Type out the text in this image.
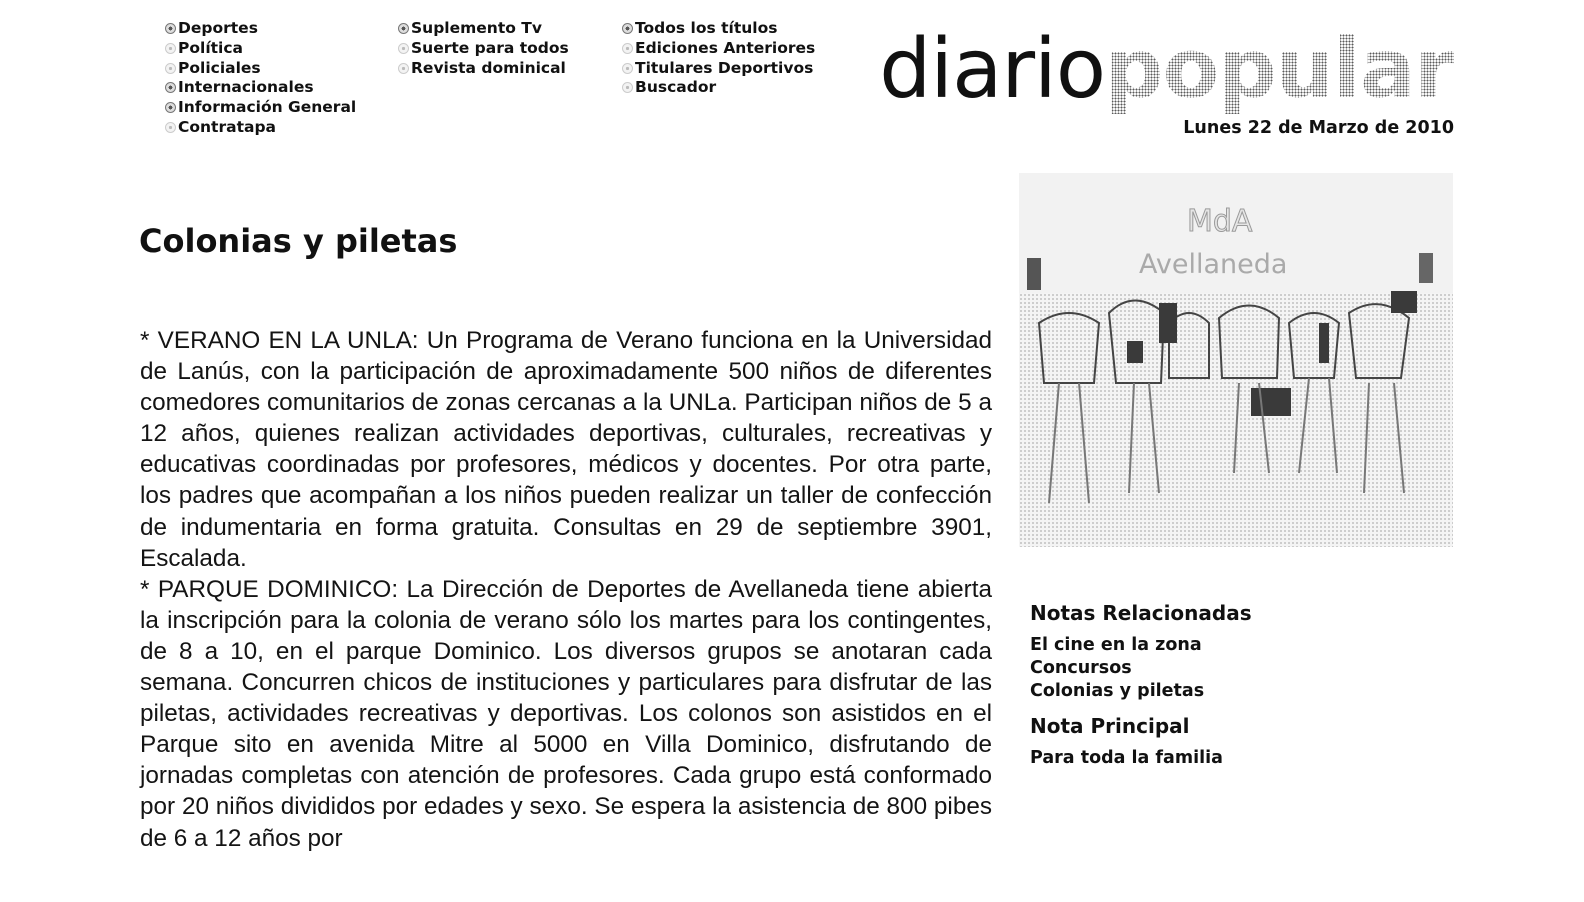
Deportes
Política
Policiales
Internacionales
Información General
Contratapa
Suplemento Tv
Suerte para todos
Revista dominical
Todos los títulos
Ediciones Anteriores
Titulares Deportivos
Buscador	diariopopular
Lunes 22 de Marzo de 2010
Colonias y piletas

* VERANO EN LA UNLA: Un Programa de Verano funciona en la Universidad de Lanús, con la participación de aproximadamente 500 niños de diferentes comedores comunitarios de zonas cercanas a la UNLa. Participan niños de 5 a 12 años, quienes realizan actividades deportivas, culturales, recreativas y educativas coordinadas por profesores, médicos y docentes. Por otra parte, los padres que acompañan a los niños pueden realizar un taller de confección de indumentaria en forma gratuita. Consultas en 29 de septiembre 3901, Escalada.

* PARQUE DOMINICO: La Dirección de Deportes de Avellaneda tiene abierta la inscripción para la colonia de verano sólo los martes para los contingentes, de 8 a 10, en el parque Dominico. Los diversos grupos se anotaran cada semana. Concurren chicos de instituciones y particulares para disfrutar de las piletas, actividades recreativas y deportivas. Los colonos son asistidos en el Parque sito en avenida Mitre al 5000 en Villa Dominico, disfrutando de jornadas completas con atención de profesores. Cada grupo está conformado por 20 niños divididos por edades y sexo. Se espera la asistencia de 800 pibes de 6 a 12 años por

MdA
Avellaneda
Notas Relacionadas
El cine en la zona
Concursos
Colonias y piletas
Nota Principal
Para toda la familia
